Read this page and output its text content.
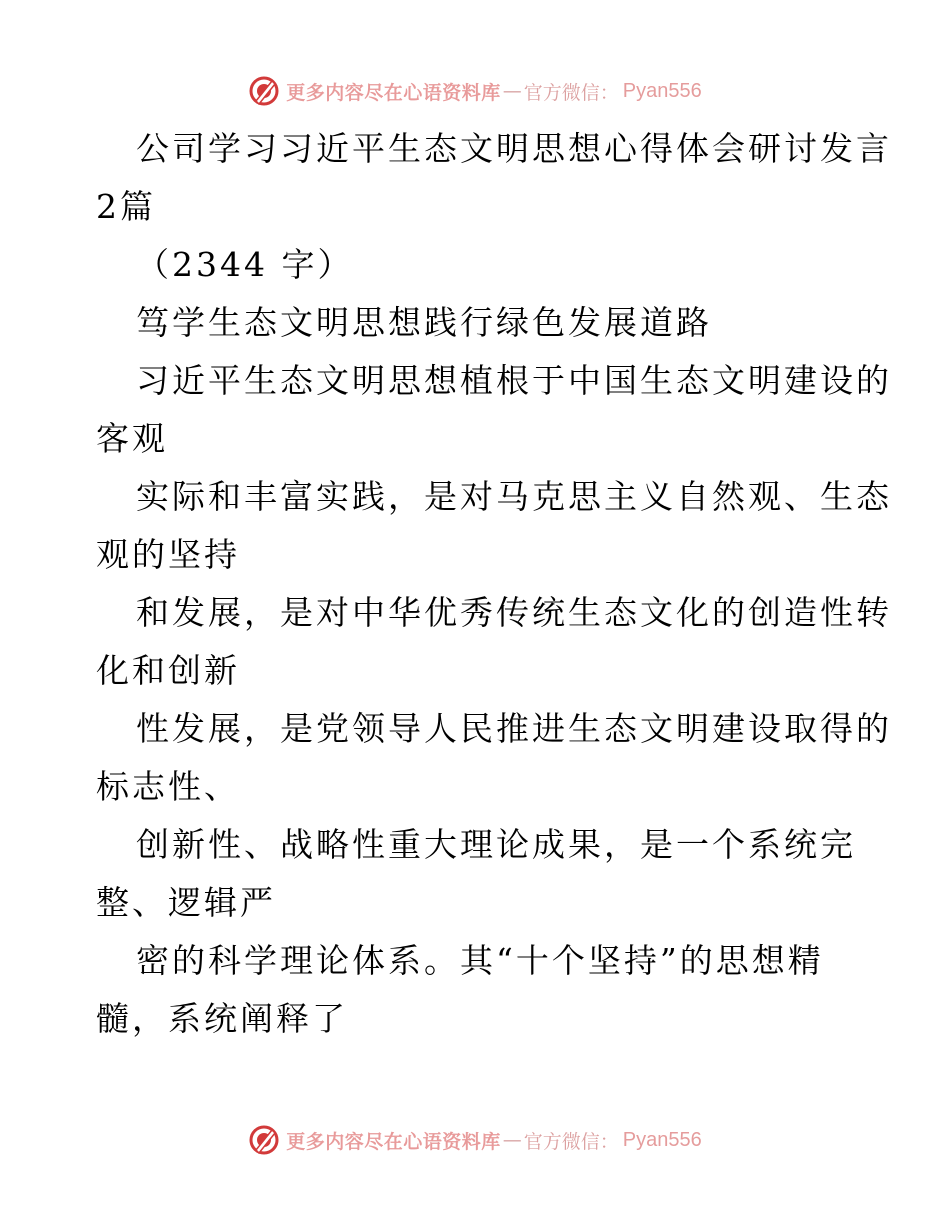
更多内容尽在心语资料库 — 官方微信： Pyan556
公司学习习近平生态文明思想心得体会研讨发言
2篇
（2344 字）
笃学生态文明思想践行绿色发展道路
习近平生态文明思想植根于中国生态文明建设的
客观
实际和丰富实践，是对马克思主义自然观、生态
观的坚持
和发展，是对中华优秀传统生态文化的创造性转
化和创新
性发展，是党领导人民推进生态文明建设取得的
标志性、
创新性、战略性重大理论成果，是一个系统完
整、逻辑严
密的科学理论体系。其“十个坚持”的思想精
髓，系统阐释了
更多内容尽在心语资料库 — 官方微信： Pyan556
